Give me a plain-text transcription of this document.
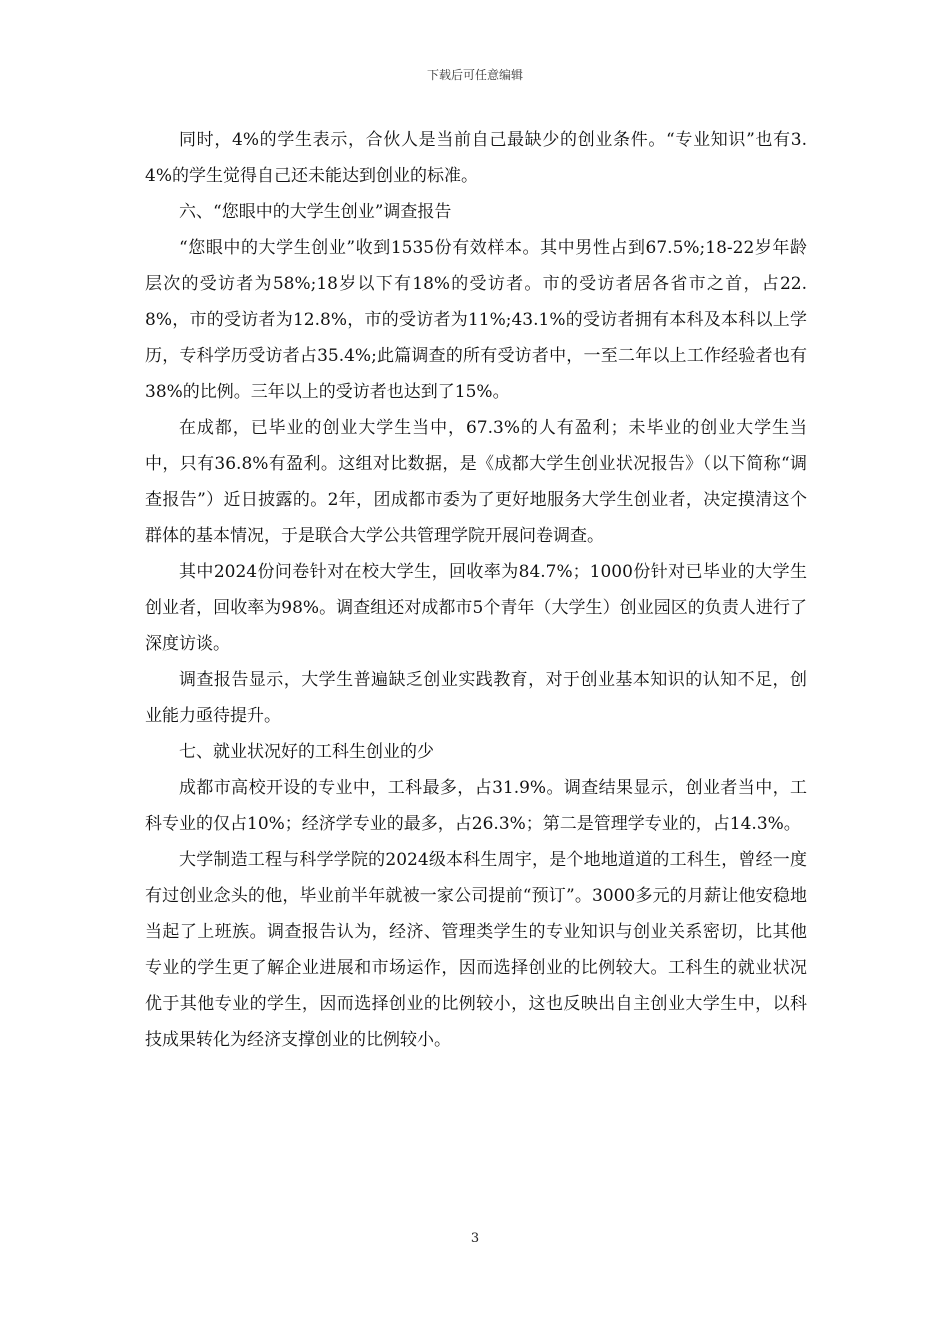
下载后可任意编辑

同时，4%的学生表示，合伙人是当前自己最缺少的创业条件。“专业知识”也有3.4%的学生觉得自己还未能达到创业的标准。

六、“您眼中的大学生创业”调查报告

“您眼中的大学生创业”收到1535份有效样本。其中男性占到67.5%;18-22岁年龄层次的受访者为58%;18岁以下有18%的受访者。市的受访者居各省市之首，占22.8%，市的受访者为12.8%，市的受访者为11%;43.1%的受访者拥有本科及本科以上学历，专科学历受访者占35.4%;此篇调查的所有受访者中，一至二年以上工作经验者也有38%的比例。三年以上的受访者也达到了15%。

在成都，已毕业的创业大学生当中，67.3%的人有盈利；未毕业的创业大学生当中，只有36.8%有盈利。这组对比数据，是《成都大学生创业状况报告》（以下简称“调查报告”）近日披露的。2年，团成都市委为了更好地服务大学生创业者，决定摸清这个群体的基本情况，于是联合大学公共管理学院开展问卷调查。

其中2024份问卷针对在校大学生，回收率为84.7%；1000份针对已毕业的大学生创业者，回收率为98%。调查组还对成都市5个青年（大学生）创业园区的负责人进行了深度访谈。

调查报告显示，大学生普遍缺乏创业实践教育，对于创业基本知识的认知不足，创业能力亟待提升。

七、就业状况好的工科生创业的少

成都市高校开设的专业中，工科最多，占31.9%。调查结果显示，创业者当中，工科专业的仅占10%；经济学专业的最多，占26.3%；第二是管理学专业的，占14.3%。

大学制造工程与科学学院的2024级本科生周宇，是个地地道道的工科生，曾经一度有过创业念头的他，毕业前半年就被一家公司提前“预订”。3000多元的月薪让他安稳地当起了上班族。调查报告认为，经济、管理类学生的专业知识与创业关系密切，比其他专业的学生更了解企业进展和市场运作，因而选择创业的比例较大。工科生的就业状况优于其他专业的学生，因而选择创业的比例较小，这也反映出自主创业大学生中，以科技成果转化为经济支撑创业的比例较小。

3
